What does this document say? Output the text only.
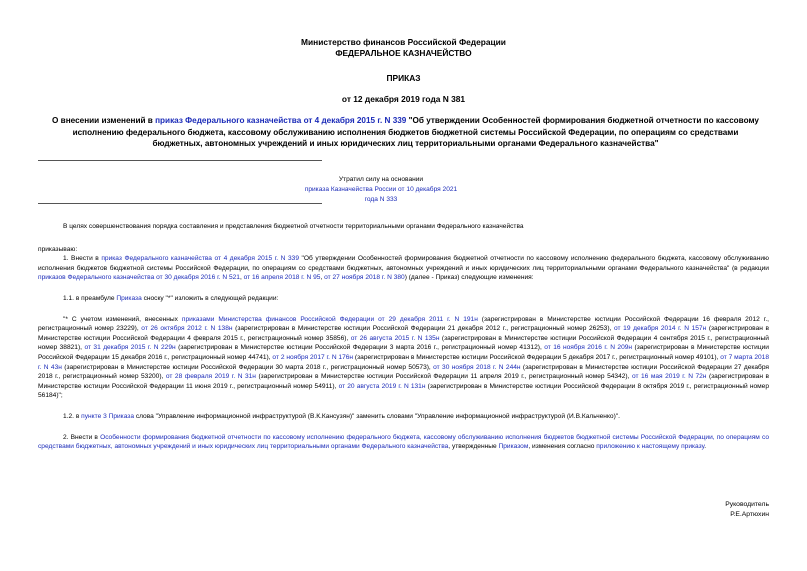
Министерство финансов Российской Федерации
ФЕДЕРАЛЬНОЕ КАЗНАЧЕЙСТВО
ПРИКАЗ
от 12 декабря 2019 года N 381
О внесении изменений в приказ Федерального казначейства от 4 декабря 2015 г. N 339 "Об утверждении Особенностей формирования бюджетной отчетности по кассовому исполнению федерального бюджета, кассовому обслуживанию исполнения бюджетов бюджетной системы Российской Федерации, по операциям со средствами бюджетных, автономных учреждений и иных юридических лиц территориальными органами Федерального казначейства"
Утратил силу на основании
приказа Казначейства России от 10 декабря 2021 года N 333

В целях совершенствования порядка составления и представления бюджетной отчетности территориальными органами Федерального казначейства

приказываю:

1. Внести в приказ Федерального казначейства от 4 декабря 2015 г. N 339 "Об утверждении Особенностей формирования бюджетной отчетности по кассовому исполнению федерального бюджета, кассовому обслуживанию исполнения бюджетов бюджетной системы Российской Федерации, по операциям со средствами бюджетных, автономных учреждений и иных юридических лиц территориальными органами Федерального казначейства" (в редакции приказов Федерального казначейства от 30 декабря 2016 г. N 521, от 16 апреля 2018 г. N 95, от 27 ноября 2018 г. N 380) (далее - Приказ) следующие изменения:

1.1. в преамбуле Приказа сноску "*" изложить в следующей редакции:

"* С учетом изменений, внесенных приказами Министерства финансов Российской Федерации от 29 декабря 2011 г. N 191н (зарегистрирован в Министерстве юстиции Российской Федерации 16 февраля 2012 г., регистрационный номер 23229), от 26 октября 2012 г. N 138н (зарегистрирован в Министерстве юстиции Российской Федерации 21 декабря 2012 г., регистрационный номер 26253), от 19 декабря 2014 г. N 157н (зарегистрирован в Министерстве юстиции Российской Федерации 4 февраля 2015 г., регистрационный номер 35856), от 26 августа 2015 г. N 135н (зарегистрирован в Министерстве юстиции Российской Федерации 4 сентября 2015 г., регистрационный номер 38821), от 31 декабря 2015 г. N 229н (зарегистрирован в Министерстве юстиции Российской Федерации 3 марта 2016 г., регистрационный номер 41312), от 16 ноября 2016 г. N 209н (зарегистрирован в Министерстве юстиции Российской Федерации 15 декабря 2016 г., регистрационный номер 44741), от 2 ноября 2017 г. N 176н (зарегистрирован в Министерстве юстиции Российской Федерации 5 декабря 2017 г., регистрационный номер 49101), от 7 марта 2018 г. N 43н (зарегистрирован в Министерстве юстиции Российской Федерации 30 марта 2018 г., регистрационный номер 50573), от 30 ноября 2018 г. N 244н (зарегистрирован в Министерстве юстиции Российской Федерации 27 декабря 2018 г., регистрационный номер 53200), от 28 февраля 2019 г. N 31н (зарегистрирован в Министерстве юстиции Российской Федерации 11 апреля 2019 г., регистрационный номер 54342), от 16 мая 2019 г. N 72н (зарегистрирован в Министерстве юстиции Российской Федерации 11 июня 2019 г., регистрационный номер 54911), от 20 августа 2019 г. N 131н (зарегистрирован в Министерстве юстиции Российской Федерации 8 октября 2019 г., регистрационный номер 56184)";

1.2. в пункте 3 Приказа слова "Управление информационной инфраструктурой (В.К.Кансузян)" заменить словами "Управление информационной инфраструктурой (И.В.Кальченко)".

2. Внести в Особенности формирования бюджетной отчетности по кассовому исполнению федерального бюджета, кассовому обслуживанию исполнения бюджетов бюджетной системы Российской Федерации, по операциям со средствами бюджетных, автономных учреждений и иных юридических лиц территориальными органами Федерального казначейства, утвержденные Приказом, изменения согласно приложению к настоящему приказу.

Руководитель
Р.Е.Артюхин
